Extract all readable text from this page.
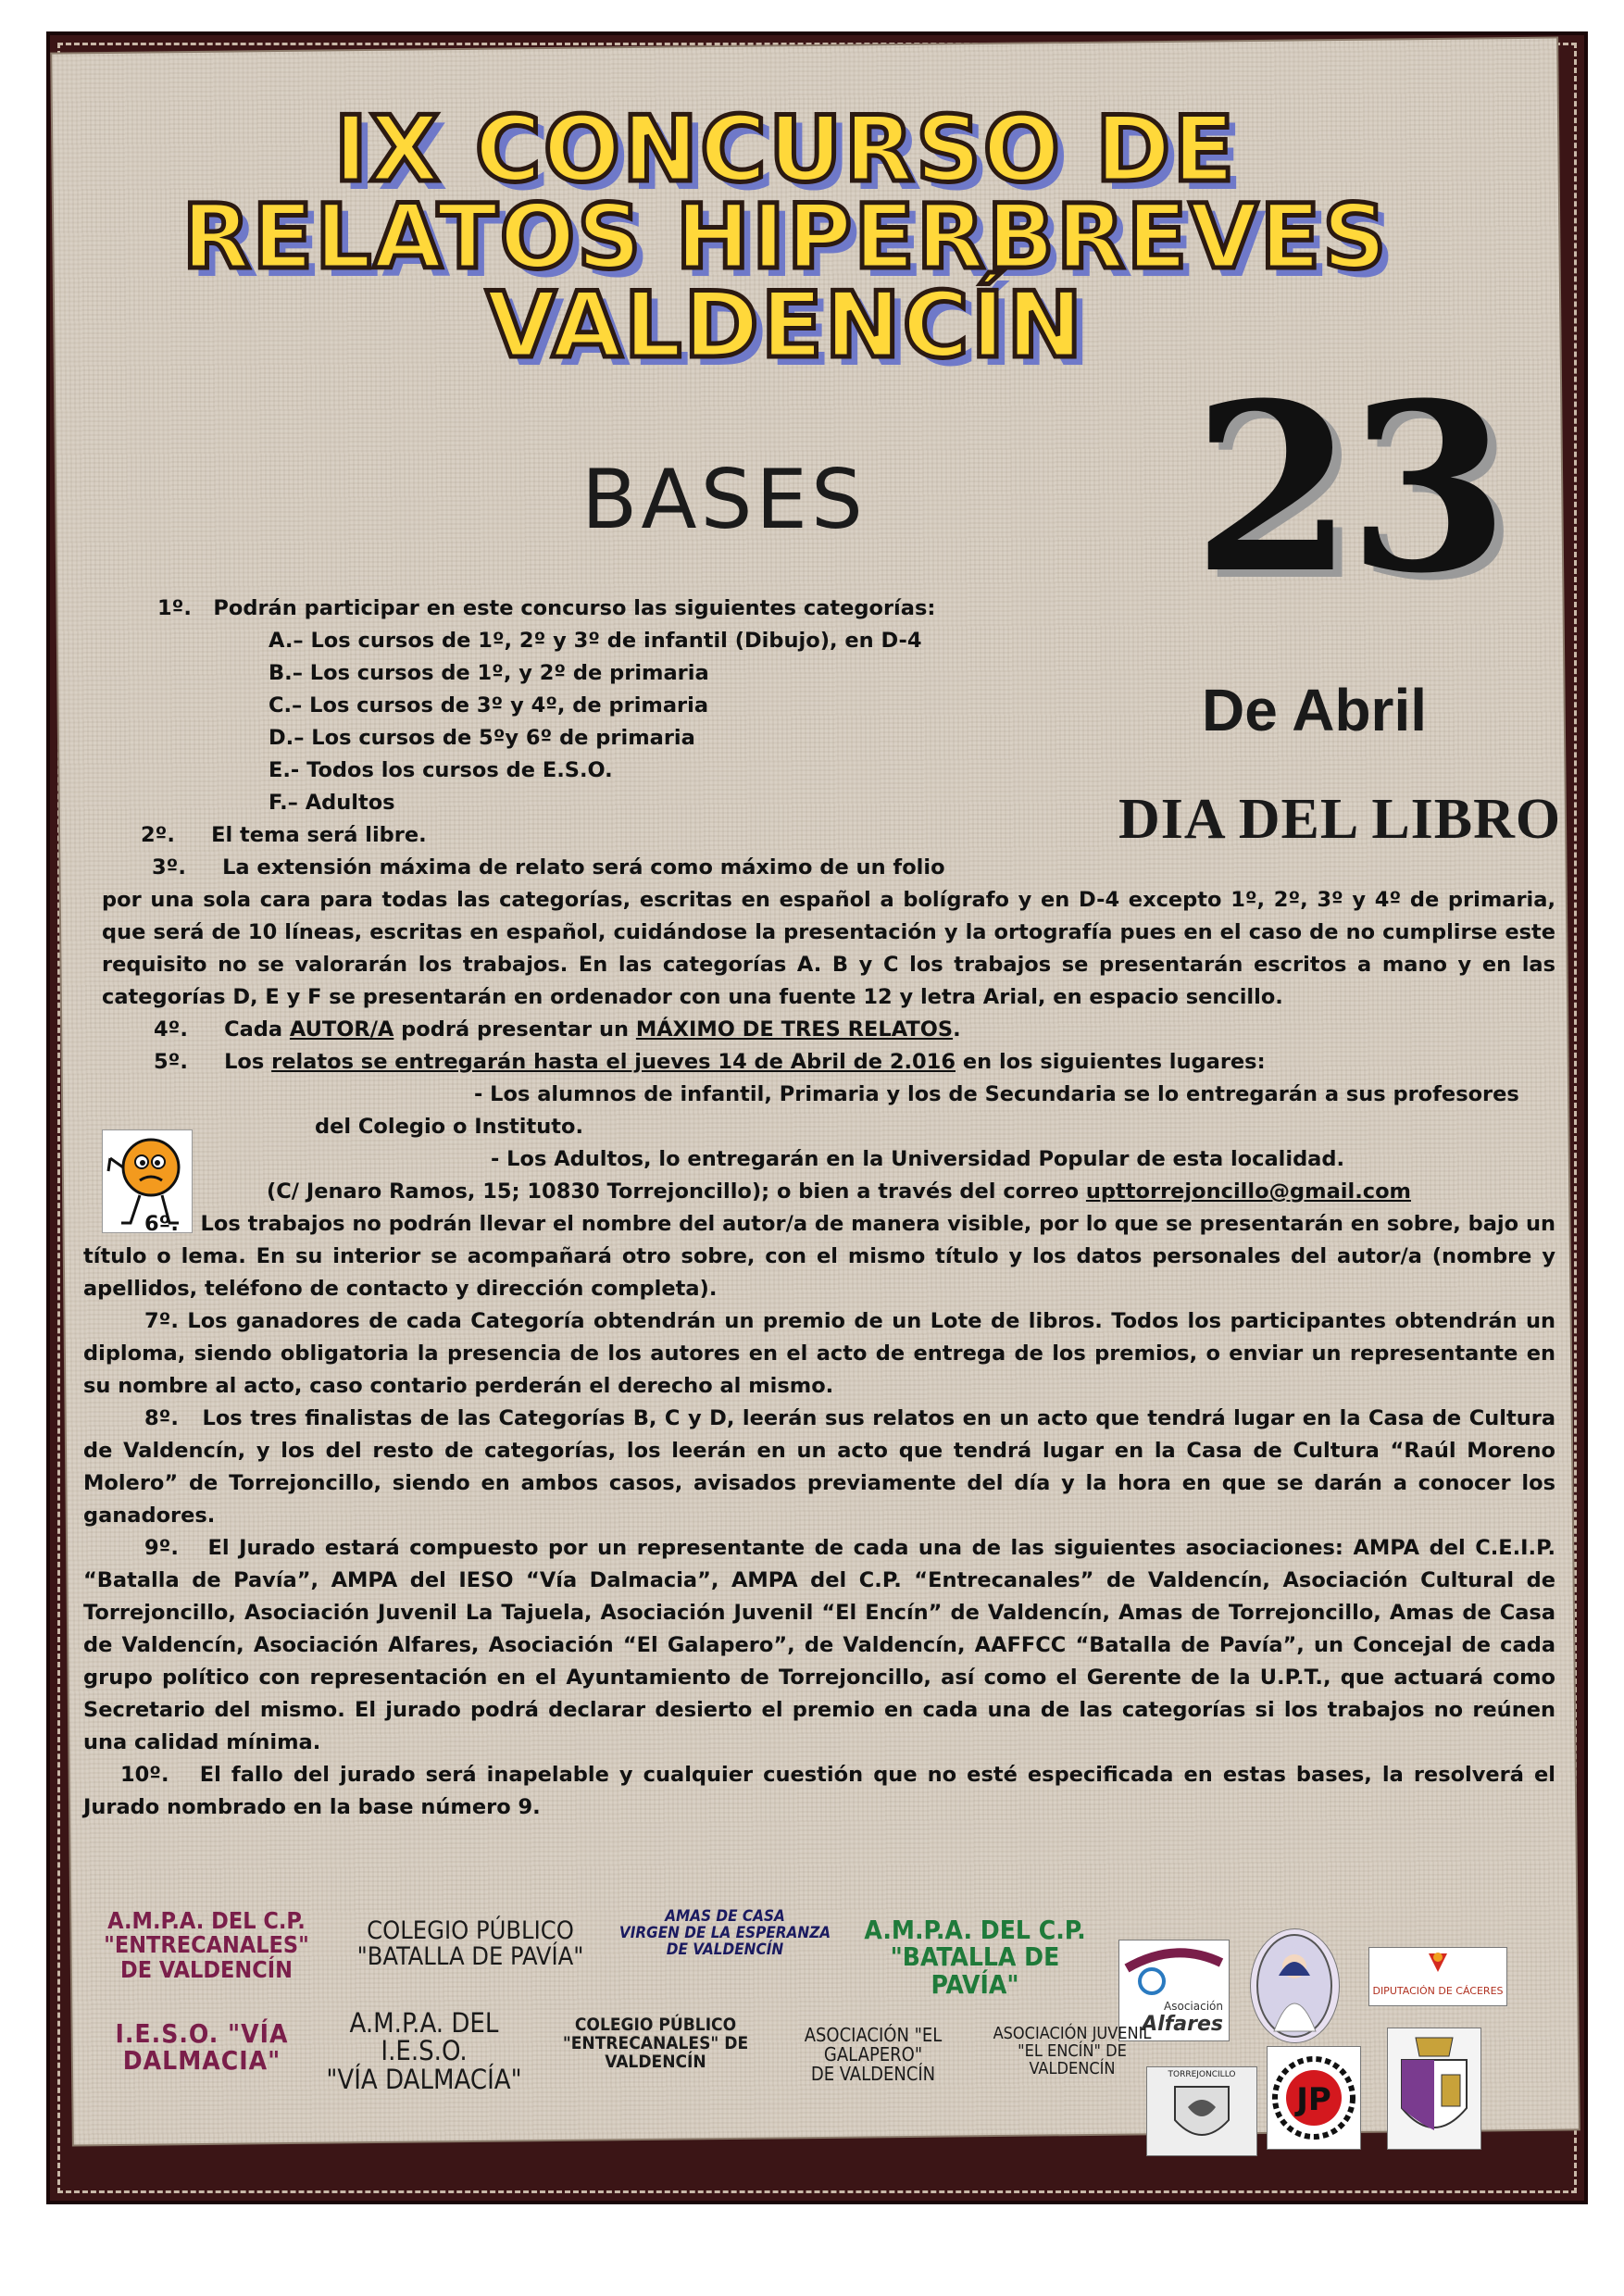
IX CONCURSO DE
RELATOS HIPERBREVES
VALDENCÍN
BASES 23
De Abril
DIA DEL LIBRO

1º. Podrán participar en este concurso las siguientes categorías:

A.– Los cursos de 1º, 2º y 3º de infantil (Dibujo), en D-4

B.– Los cursos de 1º, y 2º de primaria

C.– Los cursos de 3º y 4º, de primaria

D.– Los cursos de 5ºy 6º de primaria

E.- Todos los cursos de E.S.O.

F.– Adultos

2º. El tema será libre.

3º. La extensión máxima de relato será como máximo de un folio

por una sola cara para todas las categorías, escritas en español a bolígrafo y en D-4 excepto 1º, 2º, 3º y 4º de primaria, que será de 10 líneas, escritas en español, cuidándose la presentación y la ortografía pues en el caso de no cumplirse este requisito no se valorarán los trabajos. En las categorías A. B y C los trabajos se presentarán escritos a mano y en las categorías D, E y F se presentarán en ordenador con una fuente 12 y letra Arial, en espacio sencillo.

4º. Cada AUTOR/A podrá presentar un MÁXIMO DE TRES RELATOS.

5º. Los relatos se entregarán hasta el jueves 14 de Abril de 2.016 en los siguientes lugares:

- Los alumnos de infantil, Primaria y los de Secundaria se lo entregarán a sus profesores

del Colegio o Instituto.

- Los Adultos, lo entregarán en la Universidad Popular de esta localidad.

(C/ Jenaro Ramos, 15; 10830 Torrejoncillo); o bien a través del correo upttorrejoncillo@gmail.com

6º. Los trabajos no podrán llevar el nombre del autor/a de manera visible, por lo que se presentarán en sobre, bajo un título o lema. En su interior se acompañará otro sobre, con el mismo título y los datos personales del autor/a (nombre y apellidos, teléfono de contacto y dirección completa).

7º. Los ganadores de cada Categoría obtendrán un premio de un Lote de libros. Todos los participantes obtendrán un diploma, siendo obligatoria la presencia de los autores en el acto de entrega de los premios, o enviar un representante en su nombre al acto, caso contario perderán el derecho al mismo.

8º. Los tres finalistas de las Categorías B, C y D, leerán sus relatos en un acto que tendrá lugar en la Casa de Cultura de Valdencín, y los del resto de categorías, los leerán en un acto que tendrá lugar en la Casa de Cultura “Raúl Moreno Molero” de Torrejoncillo, siendo en ambos casos, avisados previamente del día y la hora en que se darán a conocer los ganadores.

9º. El Jurado estará compuesto por un representante de cada una de las siguientes asociaciones: AMPA del C.E.I.P. “Batalla de Pavía”, AMPA del IESO “Vía Dalmacia”, AMPA del C.P. “Entrecanales” de Valdencín, Asociación Cultural de Torrejoncillo, Asociación Juvenil La Tajuela, Asociación Juvenil “El Encín” de Valdencín, Amas de Torrejoncillo, Amas de Casa de Valdencín, Asociación Alfares, Asociación “El Galapero”, de Valdencín, AAFFCC “Batalla de Pavía”, un Concejal de cada grupo político con representación en el Ayuntamiento de Torrejoncillo, así como el Gerente de la U.P.T., que actuará como Secretario del mismo. El jurado podrá declarar desierto el premio en cada una de las categorías si los trabajos no reúnen una calidad mínima.

10º. El fallo del jurado será inapelable y cualquier cuestión que no esté especificada en estas bases, la resolverá el Jurado nombrado en la base número 9.

A.M.P.A. DEL C.P.
"ENTRECANALES"
DE VALDENCÍN
COLEGIO PÚBLICO
"BATALLA DE PAVÍA"
AMAS DE CASA
VIRGEN DE LA ESPERANZA
DE VALDENCÍN
A.M.P.A. DEL C.P.
"BATALLA DE PAVÍA"
Asociación
Alfares
DIPUTACIÓN DE CÁCERES
I.E.S.O. "VÍA
DALMACIA"
A.M.P.A. DEL I.E.S.O.
"VÍA DALMACÍA"
COLEGIO PÚBLICO
"ENTRECANALES" DE
VALDENCÍN
ASOCIACIÓN "EL GALAPERO"
DE VALDENCÍN
ASOCIACIÓN JUVENIL
"EL ENCÍN" DE VALDENCÍN	TORREJONCILLO
JP
